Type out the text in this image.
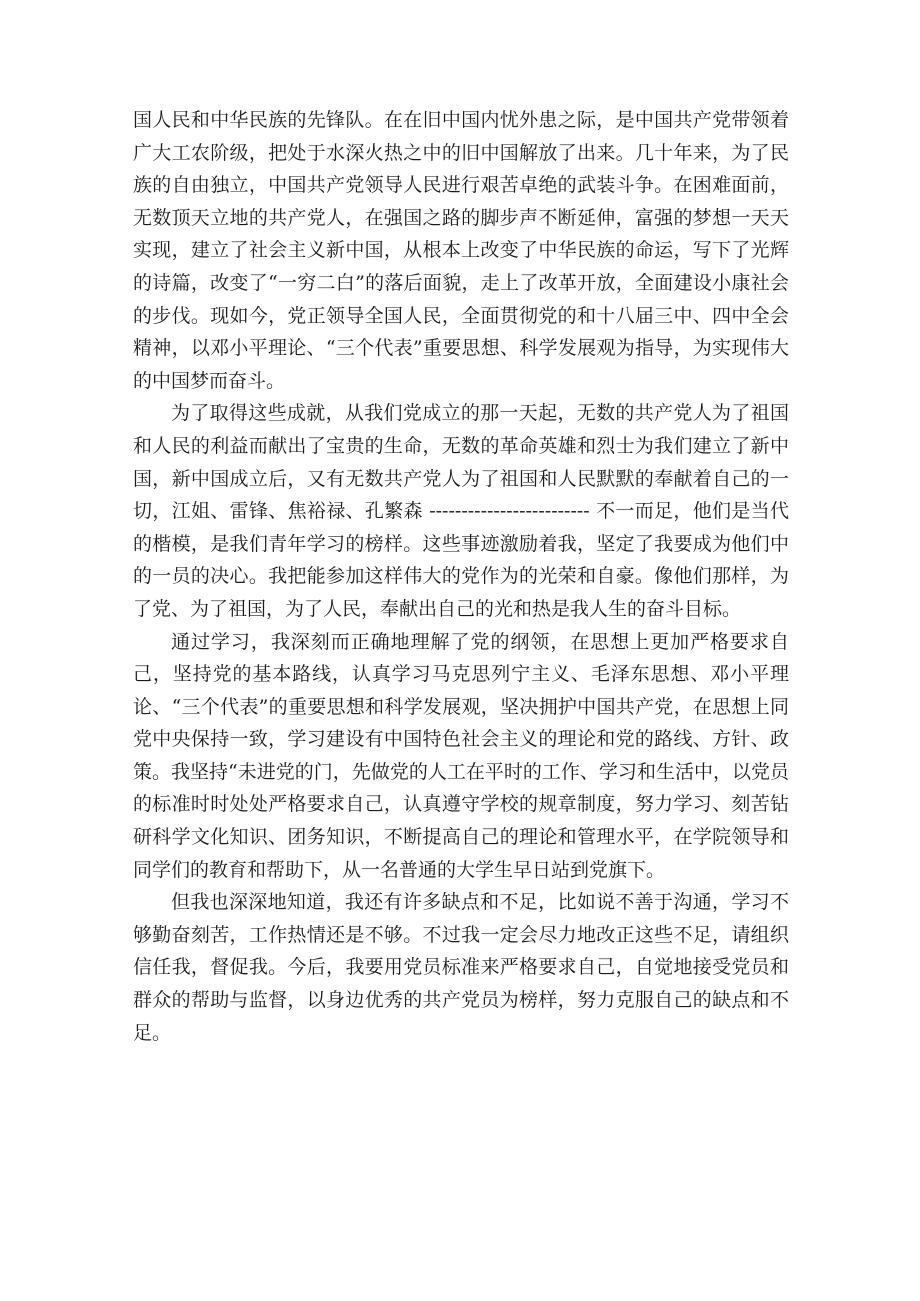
国人民和中华民族的先锋队。在在旧中国内忧外患之际，是中国共产党带领着广大工农阶级，把处于水深火热之中的旧中国解放了出来。几十年来，为了民族的自由独立，中国共产党领导人民进行艰苦卓绝的武装斗争。在困难面前，无数顶天立地的共产党人，在强国之路的脚步声不断延伸，富强的梦想一天天实现，建立了社会主义新中国，从根本上改变了中华民族的命运，写下了光辉的诗篇，改变了“一穷二白”的落后面貌，走上了改革开放，全面建设小康社会的步伐。现如今，党正领导全国人民，全面贯彻党的和十八届三中、四中全会精神，以邓小平理论、“三个代表”重要思想、科学发展观为指导，为实现伟大的中国梦而奋斗。

为了取得这些成就，从我们党成立的那一天起，无数的共产党人为了祖国和人民的利益而献出了宝贵的生命，无数的革命英雄和烈士为我们建立了新中国，新中国成立后，又有无数共产党人为了祖国和人民默默的奉献着自己的一切，江姐、雷锋、焦裕禄、孔繁森 ------------------------- 不一而足，他们是当代的楷模，是我们青年学习的榜样。这些事迹激励着我，坚定了我要成为他们中的一员的决心。我把能参加这样伟大的党作为的光荣和自豪。像他们那样，为了党、为了祖国，为了人民，奉献出自己的光和热是我人生的奋斗目标。

通过学习，我深刻而正确地理解了党的纲领，在思想上更加严格要求自己，坚持党的基本路线，认真学习马克思列宁主义、毛泽东思想、邓小平理论、“三个代表”的重要思想和科学发展观，坚决拥护中国共产党，在思想上同党中央保持一致，学习建设有中国特色社会主义的理论和党的路线、方针、政策。我坚持“未进党的门，先做党的人工在平时的工作、学习和生活中，以党员的标准时时处处严格要求自己，认真遵守学校的规章制度，努力学习、刻苦钻研科学文化知识、团务知识，不断提高自己的理论和管理水平，在学院领导和同学们的教育和帮助下，从一名普通的大学生早日站到党旗下。

但我也深深地知道，我还有许多缺点和不足，比如说不善于沟通，学习不够勤奋刻苦，工作热情还是不够。不过我一定会尽力地改正这些不足，请组织信任我，督促我。今后，我要用党员标准来严格要求自己，自觉地接受党员和群众的帮助与监督，以身边优秀的共产党员为榜样，努力克服自己的缺点和不足。
